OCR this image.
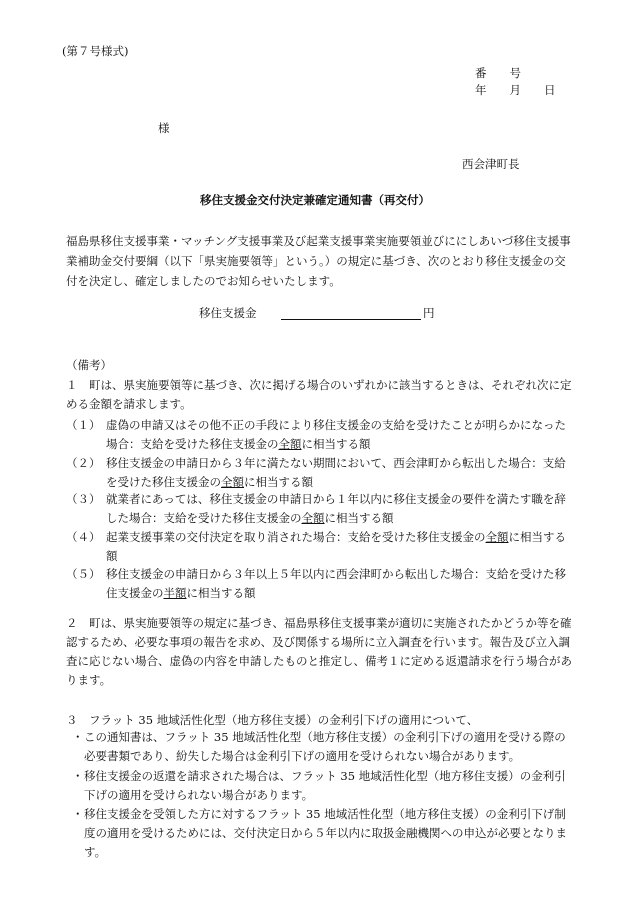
(第７号様式)
番　　号
年　　月　　日
様
西会津町長
移住支援金交付決定兼確定通知書（再交付）
福島県移住支援事業・マッチング支援事業及び起業支援事業実施要領並びににしあいづ移住支援事業補助金交付要綱（以下「県実施要領等」という。）の規定に基づき、次のとおり移住支援金の交付を決定し、確定しましたのでお知らせいたします。
移住支援金	円
（備考）
１　町は、県実施要領等に基づき、次に掲げる場合のいずれかに該当するときは、それぞれ次に定める金額を請求します。
（１） 虚偽の申請又はその他不正の手段により移住支援金の支給を受けたことが明らかになった場合：支給を受けた移住支援金の全額に相当する額
（２） 移住支援金の申請日から３年に満たない期間において、西会津町から転出した場合：支給を受けた移住支援金の全額に相当する額
（３） 就業者にあっては、移住支援金の申請日から１年以内に移住支援金の要件を満たす職を辞した場合：支給を受けた移住支援金の全額に相当する額
（４） 起業支援事業の交付決定を取り消された場合：支給を受けた移住支援金の全額に相当する額
（５） 移住支援金の申請日から３年以上５年以内に西会津町から転出した場合：支給を受けた移住支援金の半額に相当する額
２　町は、県実施要領等の規定に基づき、福島県移住支援事業が適切に実施されたかどうか等を確認するため、必要な事項の報告を求め、及び関係する場所に立入調査を行います。報告及び立入調査に応じない場合、虚偽の内容を申請したものと推定し、備考１に定める返還請求を行う場合があります。
３　フラット 35 地域活性化型（地方移住支援）の金利引下げの適用について、
・ この通知書は、フラット 35 地域活性化型（地方移住支援）の金利引下げの適用を受ける際の必要書類であり、紛失した場合は金利引下げの適用を受けられない場合があります。
・ 移住支援金の返還を請求された場合は、フラット 35 地域活性化型（地方移住支援）の金利引下げの適用を受けられない場合があります。
・ 移住支援金を受領した方に対するフラット 35 地域活性化型（地方移住支援）の金利引下げ制度の適用を受けるためには、交付決定日から５年以内に取扱金融機関への申込が必要となります。
